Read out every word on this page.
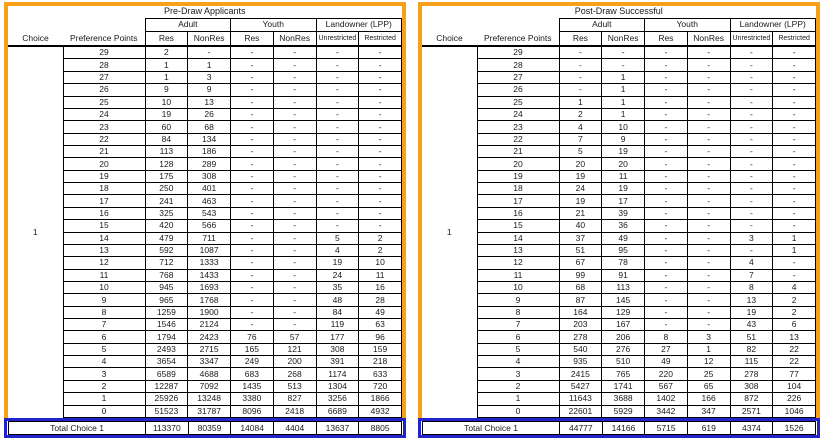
Pre-Draw Applicants							
		Adult		Youth		Landowner (LPP)	
Choice	Preference Points	Res	NonRes	Res	NonRes	Unrestricted	Restricted
1	29	2	-	-	-	-	-
	28	1	1	-	-	-	-
	27	1	3	-	-	-	-
	26	9	9	-	-	-	-
	25	10	13	-	-	-	-
	24	19	26	-	-	-	-
	23	60	68	-	-	-	-
	22	84	134	-	-	-	-
	21	113	186	-	-	-	-
	20	128	289	-	-	-	-
	19	175	308	-	-	-	-
	18	250	401	-	-	-	-
	17	241	463	-	-	-	-
	16	325	543	-	-	-	-
	15	420	566	-	-	-	-
	14	479	711	-	-	5	2
	13	592	1087	-	-	4	2
	12	712	1333	-	-	19	10
	11	768	1433	-	-	24	11
	10	945	1693	-	-	35	16
	9	965	1768	-	-	48	28
	8	1259	1900	-	-	84	49
	7	1546	2124	-	-	119	63
	6	1794	2423	76	57	177	96
	5	2493	2715	165	121	308	159
	4	3654	3347	249	200	391	218
	3	6589	4688	683	268	1174	633
	2	12287	7092	1435	513	1304	720
	1	25926	13248	3380	827	3256	1866
	0	51523	31787	8096	2418	6689	4932
Total Choice 1	113370	80359	14084	4404	13637	8805
Post-Draw Successful							
		Adult		Youth		Landowner (LPP)	
Choice	Preference Points	Res	NonRes	Res	NonRes	Unrestricted	Restricted
1	29	-	-	-	-	-	-
	28	-	-	-	-	-	-
	27	-	1	-	-	-	-
	26	-	1	-	-	-	-
	25	1	1	-	-	-	-
	24	2	1	-	-	-	-
	23	4	10	-	-	-	-
	22	7	9	-	-	-	-
	21	5	19	-	-	-	-
	20	20	20	-	-	-	-
	19	19	11	-	-	-	-
	18	24	19	-	-	-	-
	17	19	17	-	-	-	-
	16	21	39	-	-	-	-
	15	40	36	-	-	-	-
	14	37	49	-	-	3	1
	13	51	95	-	-	-	1
	12	67	78	-	-	4	-
	11	99	91	-	-	7	-
	10	68	113	-	-	8	4
	9	87	145	-	-	13	2
	8	164	129	-	-	19	2
	7	203	167	-	-	43	6
	6	278	206	8	3	51	13
	5	540	276	27	1	82	22
	4	935	510	49	12	115	22
	3	2415	765	220	25	278	77
	2	5427	1741	567	65	308	104
	1	11643	3688	1402	166	872	226
	0	22601	5929	3442	347	2571	1046
Total Choice 1	44777	14166	5715	619	4374	1526
